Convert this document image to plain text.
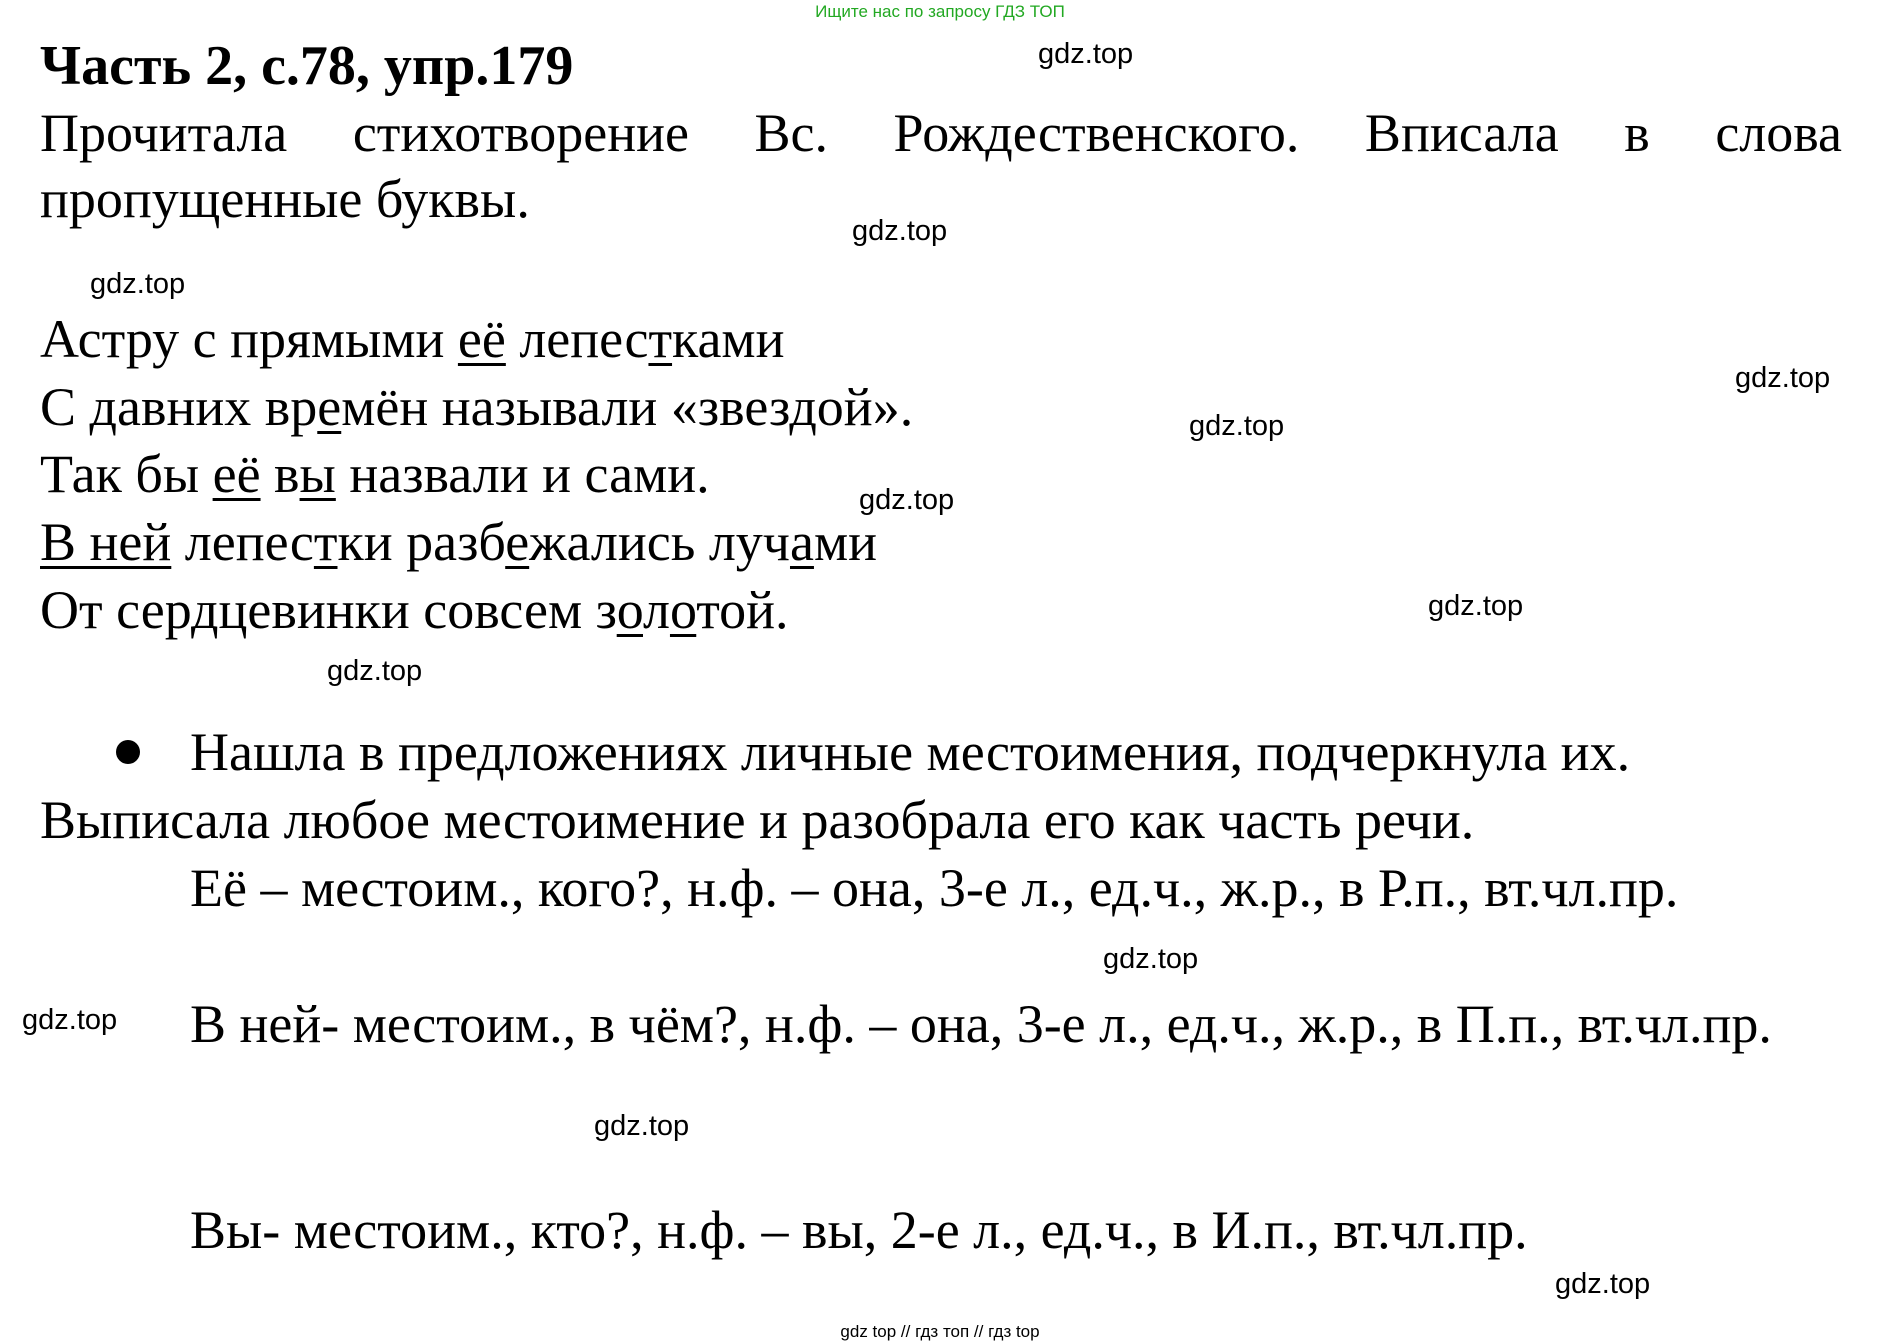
Ищите нас по запросу ГДЗ ТОП
Часть 2, с.78, упр.179
Прочитала стихотворение Вс. Рождественского. Вписала в слова пропущенные буквы.
Астру с прямыми её лепестками
С давних времён называли «звездой».
Так бы её вы назвали и сами.
В ней лепестки разбежались лучами
От сердцевинки совсем золотой.
Нашла в предложениях личные местоимения, подчеркнула их.
Выписала любое местоимение и разобрала его как часть речи.
Её – местоим., кого?, н.ф. – она, 3-е л., ед.ч., ж.р., в Р.п., вт.чл.пр.
В ней- местоим., в чём?, н.ф. – она, 3-е л., ед.ч., ж.р., в П.п., вт.чл.пр.
Вы- местоим., кто?, н.ф. – вы, 2-е л., ед.ч., в И.п., вт.чл.пр.
gdz.top
gdz.top
gdz.top
gdz.top
gdz.top
gdz.top
gdz.top
gdz.top
gdz.top
gdz.top
gdz.top
gdz.top
gdz top // гдз топ // гдз top
